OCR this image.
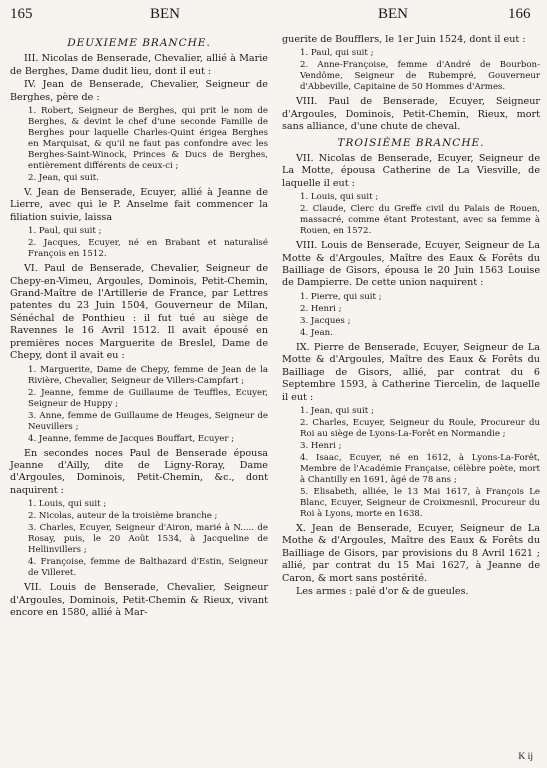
165	BEN	BEN	166

DEUXIEME BRANCHE.

III. Nicolas de Benserade, Chevalier, allié à Marie de Berghes, Dame dudit lieu, dont il eut :

IV. Jean de Benserade, Chevalier, Seigneur de Berghes, père de :

1. Robert, Seigneur de Berghes, qui prit le nom de Berghes, & devint le chef d'une seconde Famille de Berghes pour laquelle Charles-Quint érigea Berghes en Marquisat, & qu'il ne faut pas confondre avec les Berghes-Saint-Winock, Princes & Ducs de Berghes, entièrement différents de ceux-ci ;
2. Jean, qui suit.

V. Jean de Benserade, Ecuyer, allié à Jeanne de Lierre, avec qui le P. Anselme fait commencer la filiation suivie, laissa

1. Paul, qui suit ;
2. Jacques, Ecuyer, né en Brabant et naturalisé François en 1512.

VI. Paul de Benserade, Chevalier, Seigneur de Chepy-en-Vimeu, Argoules, Dominois, Petit-Chemin, Grand-Maître de l'Artillerie de France, par Lettres patentes du 23 Juin 1504, Gouverneur de Milan, Sénéchal de Ponthieu : il fut tué au siège de Ravennes le 16 Avril 1512. Il avait épousé en premières noces Marguerite de Breslel, Dame de Chepy, dont il avait eu :

1. Marguerite, Dame de Chepy, femme de Jean de la Rivière, Chevalier, Seigneur de Villers-Campfart ;
2. Jeanne, femme de Guillaume de Teuffles, Ecuyer, Seigneur de Huppy ;
3. Anne, femme de Guillaume de Heuges, Seigneur de Neuvillers ;
4. Jeanne, femme de Jacques Bouffart, Ecuyer ;

En secondes noces Paul de Benserade épousa Jeanne d'Ailly, dite de Ligny-Roray, Dame d'Argoules, Dominois, Petit-Chemin, &c., dont naquirent :

1. Louis, qui suit ;
2. Nicolas, auteur de la troisième branche ;
3. Charles, Ecuyer, Seigneur d'Airon, marié à N..... de Rosay, puis, le 20 Août 1534, à Jacqueline de Hellinvillers ;
4. Françoise, femme de Balthazard d'Estin, Seigneur de Villeret.

VII. Louis de Benserade, Chevalier, Seigneur d'Argoules, Dominois, Petit-Chemin & Rieux, vivant encore en 1580, allié à Mar-

guerite de Boufflers, le 1er Juin 1524, dont il eut :

1. Paul, qui suit ;
2. Anne-Françoise, femme d'André de Bourbon-Vendôme, Seigneur de Rubempré, Gouverneur d'Abbeville, Capitaine de 50 Hommes d'Armes.

VIII. Paul de Benserade, Ecuyer, Seigneur d'Argoules, Dominois, Petit-Chemin, Rieux, mort sans alliance, d'une chute de cheval.

TROISIÈME BRANCHE.

VII. Nicolas de Benserade, Ecuyer, Seigneur de La Motte, épousa Catherine de La Viesville, de laquelle il eut :

1. Louis, qui suit ;
2. Claude, Clerc du Greffe civil du Palais de Rouen, massacré, comme étant Protestant, avec sa femme à Rouen, en 1572.

VIII. Louis de Benserade, Ecuyer, Seigneur de La Motte & d'Argoules, Maître des Eaux & Forêts du Bailliage de Gisors, épousa le 20 Juin 1563 Louise de Dampierre. De cette union naquirent :

1. Pierre, qui suit ;
2. Henri ;
3. Jacques ;
4. Jean.

IX. Pierre de Benserade, Ecuyer, Seigneur de La Motte & d'Argoules, Maître des Eaux & Forêts du Bailliage de Gisors, allié, par contrat du 6 Septembre 1593, à Catherine Tiercelin, de laquelle il eut :

1. Jean, qui suit ;
2. Charles, Ecuyer, Seigneur du Roule, Procureur du Roi au siège de Lyons-La-Forêt en Normandie ;
3. Henri ;
4. Isaac, Ecuyer, né en 1612, à Lyons-La-Forêt, Membre de l'Académie Française, célèbre poète, mort à Chantilly en 1691, âgé de 78 ans ;
5. Elisabeth, alliée, le 13 Mai 1617, à François Le Blanc, Ecuyer, Seigneur de Croixmesnil, Procureur du Roi à Lyons, morte en 1638.

X. Jean de Benserade, Ecuyer, Seigneur de La Mothe & d'Argoules, Maître des Eaux & Forêts du Bailliage de Gisors, par provisions du 8 Avril 1621 ; allié, par contrat du 15 Mai 1627, à Jeanne de Caron, & mort sans postérité.

Les armes : palé d'or & de gueules.

K ij
